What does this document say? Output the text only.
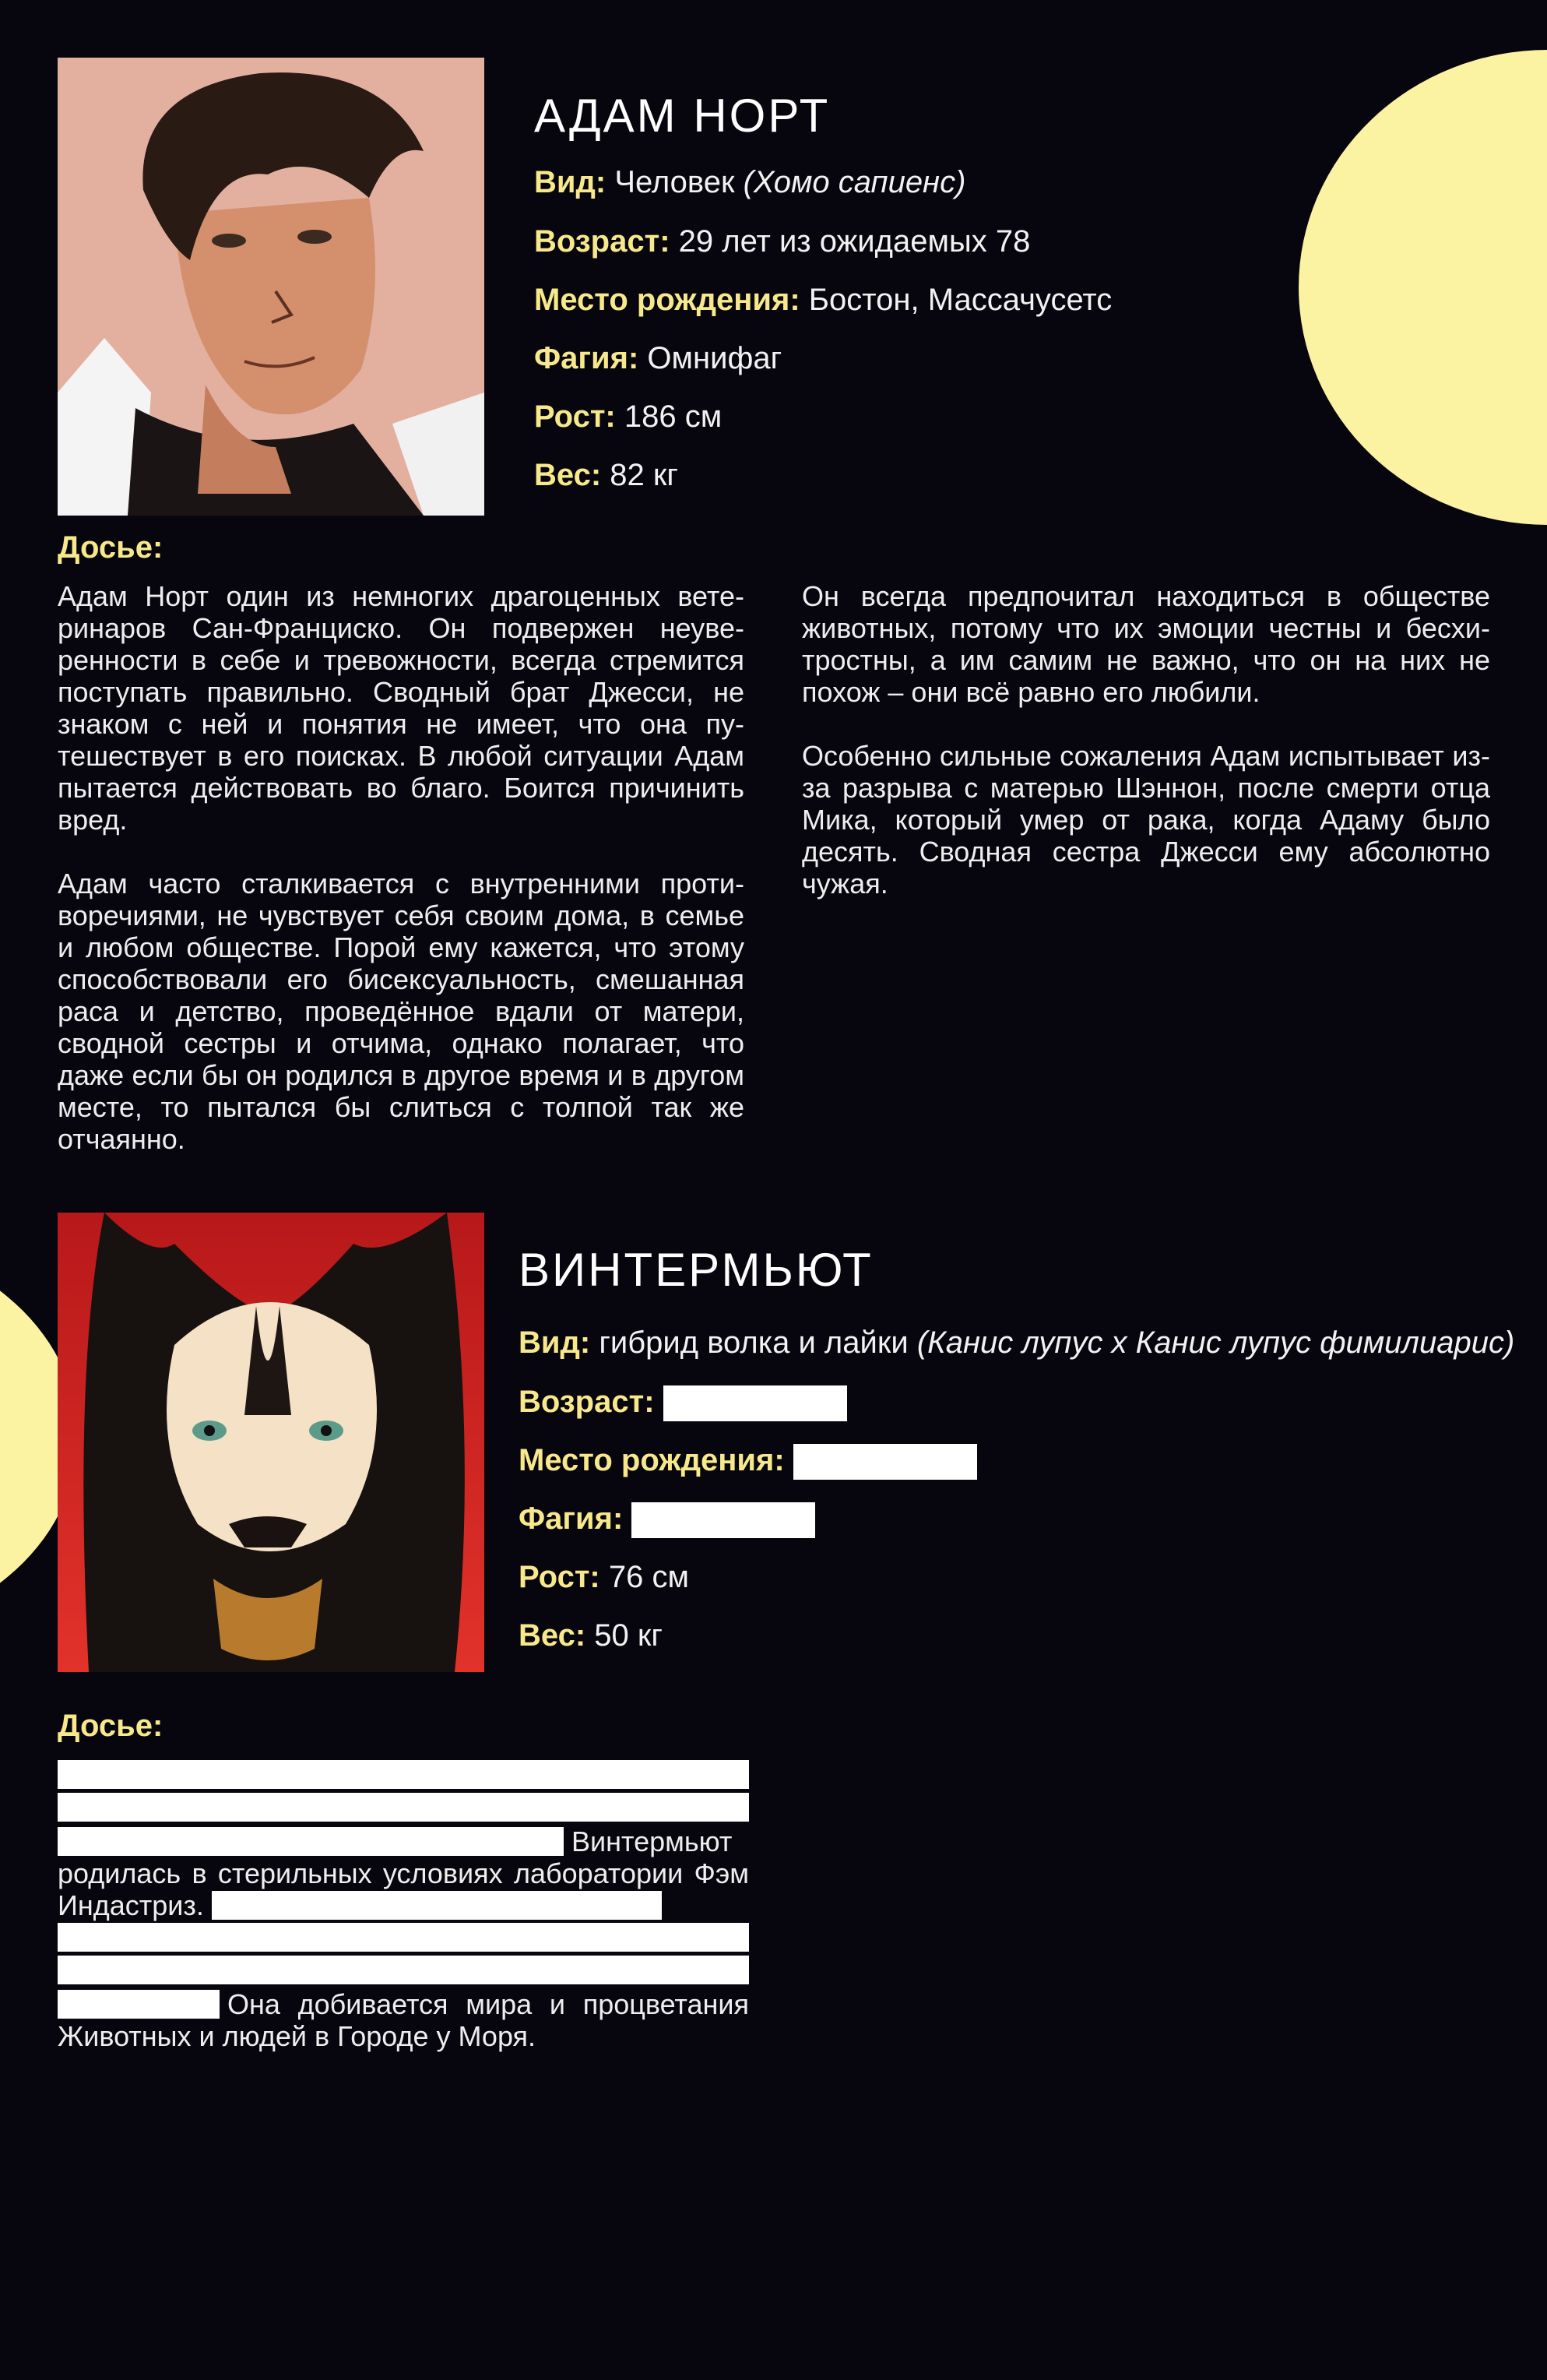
АДАМ НОРТ
Вид: Человек (Хомо сапиенс)
Возраст: 29 лет из ожидаемых 78
Место рождения: Бостон, Массачусетс
Фагия: Омнифаг
Рост: 186 см
Вес: 82 кг
Досье:

Адам Норт один из немногих драгоценных ветеринаров Сан-Франциско. Он подвержен неуверенности в себе и тревожности, всегда стремится поступать правильно. Сводный брат Джесси, не знаком с ней и понятия не имеет, что она путешествует в его поисках. В любой ситуации Адам пытается действовать во благо. Боится причинить вред.

Адам часто сталкивается с внутренними противоречиями, не чувствует себя своим дома, в семье и любом обществе. Порой ему кажется, что этому способствовали его бисексуальность, смешанная раса и детство, проведённое вдали от матери, сводной сестры и отчима, однако полагает, что даже если бы он родился в другое время и в другом месте, то пытался бы слиться с толпой так же отчаянно.

Он всегда предпочитал находиться в обществе животных, потому что их эмоции честны и бесхитростны, а им самим не важно, что он на них не похож – они всё равно его любили.

Особенно сильные сожаления Адам испытывает из-за разрыва с матерью Шэннон, после смерти отца Мика, который умер от рака, когда Адаму было десять. Сводная сестра Джесси ему абсолютно чужая.

ВИНТЕРМЬЮТ
Вид: гибрид волка и лайки (Канис лупус х Канис лупус фимилиарис)
Возраст:
Место рождения:
Фагия:
Рост: 76 см
Вес: 50 кг
Досье:

Винтермьют родилась в стерильных условиях лаборатории Фэм Индастриз.

Она добивается мира и процветания Животных и людей в Городе у Моря.
